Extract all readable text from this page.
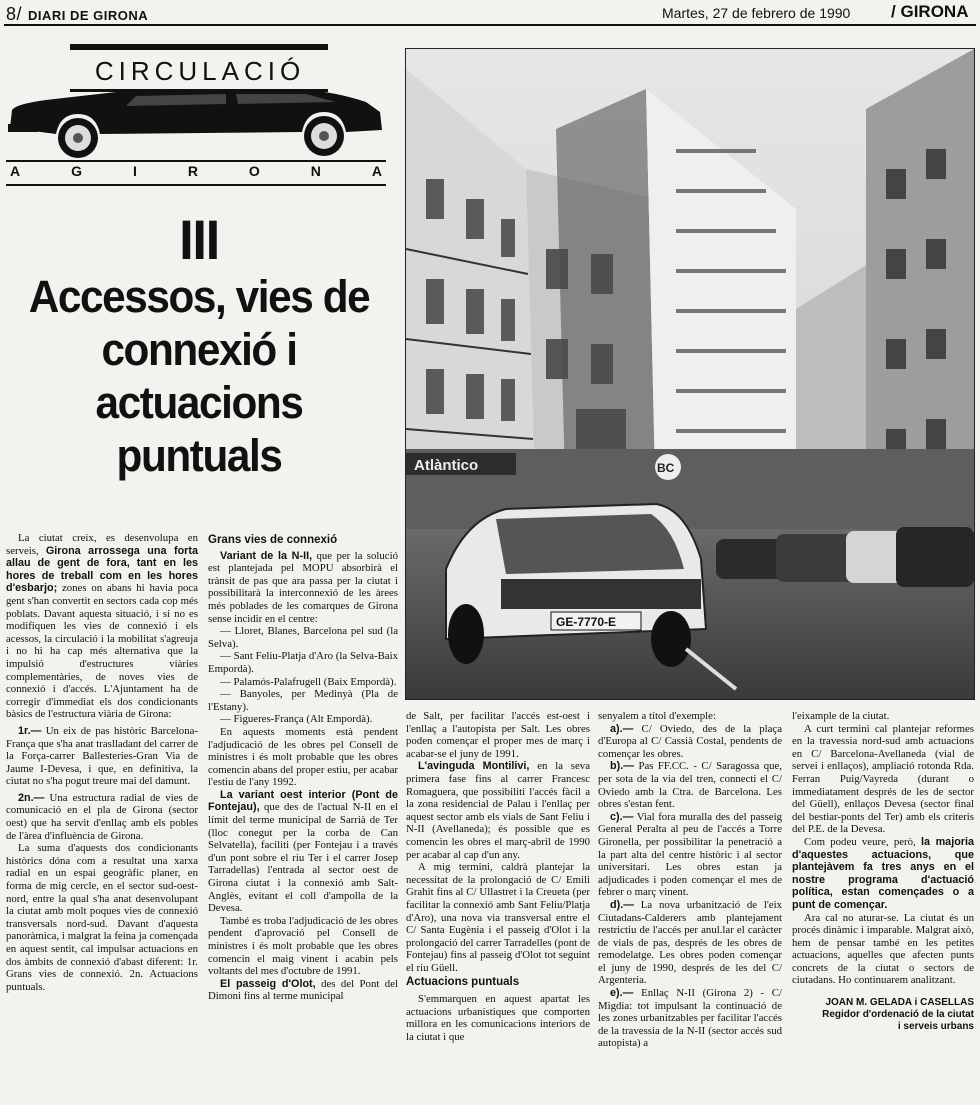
8/ DIARI DE GIRONA	Martes, 27 de febrero de 1990 / GIRONA
CIRCULACIÓ
A	G	I	R	O	N	A
III
Accessos, vies de connexió i actuacions puntuals	Atlàntico	BC
GE-7770-E

La ciutat creix, es desenvolupa en serveis, Girona arrossega una forta allau de gent de fora, tant en les hores de treball com en les hores d'esbarjo; zones on abans hi havia poca gent s'han convertit en sectors cada cop més poblats. Davant aquesta situació, i si no es modifiquen les vies de connexió i els acessos, la circulació i la mobilitat s'agreuja i no hi ha cap més alternativa que la impulsió d'estructures viàries complementàries, de noves vies de connexió i d'accés. L'Ajuntament ha de corregir d'immediat els dos condicionants bàsics de l'estructura viària de Girona:

1r.— Un eix de pas històric Barcelona-França que s'ha anat traslladant del carrer de la Força-carrer Ballesteries-Gran Via de Jaume I-Devesa, i que, en definitiva, la ciutat no s'ha pogut treure mai del damunt.

2n.— Una estructura radial de vies de comunicació en el pla de Girona (sector oest) que ha servit d'enllaç amb els pobles de l'àrea d'influència de Girona.

La suma d'aquests dos condicionants històrics dóna com a resultat una xarxa radial en un espai geogràfic planer, en forma de mig cercle, en el sector sud-oest-nord, entre la qual s'ha anat desenvolupant la ciutat amb molt poques vies de connexió transversals nord-sud. Davant d'aquesta panoràmica, i malgrat la feina ja començada en aquest sentit, cal impulsar actuacions en dos àmbits de connexió d'abast diferent: 1r. Grans vies de connexió. 2n. Actuacions puntuals.

Grans vies de connexió

Variant de la N-II, que per la solució est plantejada pel MOPU absorbirà el trànsit de pas que ara passa per la ciutat i possibilitarà la interconnexió de les àrees més poblades de les comarques de Girona sense incidir en el centre:

— Lloret, Blanes, Barcelona pel sud (la Selva).

— Sant Feliu-Platja d'Aro (la Selva-Baix Empordà).

— Palamós-Palafrugell (Baix Empordà).

— Banyoles, per Medinyà (Pla de l'Estany).

— Figueres-França (Alt Empordà).

En aquests moments està pendent l'adjudicació de les obres pel Consell de ministres i és molt probable que les obres comencin abans del proper estiu, per acabar l'estiu de l'any 1992.

La variant oest interior (Pont de Fontejau), que des de l'actual N-II en el límit del terme municipal de Sarrià de Ter (lloc conegut per la corba de Can Selvatella), faciliti (per Fontejau i a través d'un pont sobre el riu Ter i el carrer Josep Tarradellas) l'entrada al sector oest de Girona ciutat i la connexió amb Salt-Anglès, evitant el coll d'ampolla de la Devesa.

També es troba l'adjudicació de les obres pendent d'aprovació pel Consell de ministres i és molt probable que les obres comencin el maig vinent i acabin pels voltants del mes d'octubre de 1991.

El passeig d'Olot, des del Pont del Dimoni fins al terme municipal

de Salt, per facilitar l'accés est-oest i l'enllaç a l'autopista per Salt. Les obres poden començar el proper mes de març i acabar-se el juny de 1991.

L'avinguda Montilivi, en la seva primera fase fins al carrer Francesc Romaguera, que possibiliti l'accés fàcil a la zona residencial de Palau i l'enllaç per aquest sector amb els vials de Sant Feliu i N-II (Avellaneda); és possible que es comencin les obres el març-abril de 1990 per acabar al cap d'un any.

A mig termini, caldrà plantejar la necessitat de la prolongació de C/ Emili Grahit fins al C/ Ullastret i la Creueta (per facilitar la connexió amb Sant Feliu/Platja d'Aro), una nova via transversal entre el C/ Santa Eugènia i el passeig d'Olot i la prolongació del carrer Tarradelles (pont de Fontejau) fins al passeig d'Olot tot seguint el riu Güell.

Actuacions puntuals

S'emmarquen en aquest apartat les actuacions urbanístiques que comporten millora en les comunicacions interiors de la ciutat i que

senyalem a títol d'exemple:

a).— C/ Oviedo, des de la plaça d'Europa al C/ Cassià Costal, pendents de començar les obres.

b).— Pas FF.CC. - C/ Saragossa que, per sota de la via del tren, connecti el C/ Oviedo amb la Ctra. de Barcelona. Les obres s'estan fent.

c).— Vial fora muralla des del passeig General Peralta al peu de l'accés a Torre Gironella, per possibilitar la penetració a la part alta del centre històric i al sector universitari. Les obres estan ja adjudicades i poden començar el mes de febrer o març vinent.

d).— La nova urbanització de l'eix Ciutadans-Calderers amb plantejament restrictiu de l'accés per anul.lar el caràcter de vials de pas, després de les obres de remodelatge. Les obres poden començar el juny de 1990, després de les del C/ Argenteria.

e).— Enllaç N-II (Girona 2) - C/ Migdia: tot impulsant la continuació de les zones urbanitzables per facilitar l'accés de la travessia de la N-II (sector accés sud autopista) a

l'eixample de la ciutat.

A curt termini cal plantejar reformes en la travessia nord-sud amb actuacions en C/ Barcelona-Avellaneda (vial de servei i enllaços), ampliació rotonda Rda. Ferran Puig/Vayreda (durant o immediatament després de les de sector del Güell), enllaços Devesa (sector final del bestiar-ponts del Ter) amb els criteris del P.E. de la Devesa.

Com podeu veure, però, la majoria d'aquestes actuacions, que plantejàvem fa tres anys en el nostre programa d'actuació política, estan començades o a punt de començar.

Ara cal no aturar-se. La ciutat és un procés dinàmic i imparable. Malgrat això, hem de pensar també en les petites actuacions, aquelles que afecten punts concrets de la ciutat o sectors de ciutadans. Ho continuarem analitzant.

JOAN M. GELADA i CASELLAS
Regidor d'ordenació de la ciutat
i serveis urbans
